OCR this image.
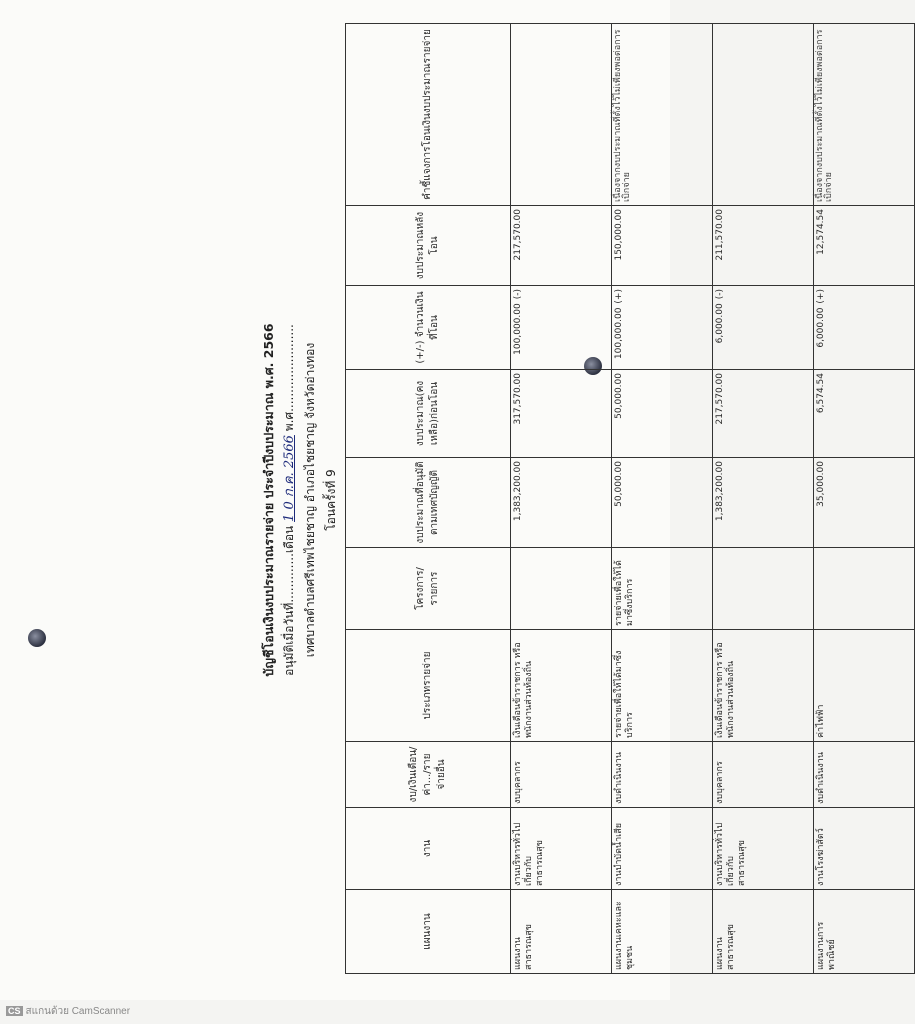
บัญชีโอนเงินงบประมาณรายจ่าย ประจำปีงบประมาณ พ.ศ. 2566 อนุมัติเมื่อวันที่.............เดือน 1 0 ก.ค. 2566 พ.ศ....................... เทศบาลตำบลศรีเทพไชยชาญ อำเภอไชยชาญ จังหวัดอ่างทอง โอนครั้งที่ 9
แผนงาน	งาน	งบ/เงินเดือน/ค่า.../รายจ่ายอื่น	ประเภทรายจ่าย	โครงการ/รายการ	งบประมาณที่อนุมัติตามเทศบัญญัติ	งบประมาณ(คงเหลือ)ก่อนโอน	(+/-) จำนวนเงินที่โอน	งบประมาณหลังโอน	คำชี้แจงการโอนเงินงบประมาณรายจ่าย
แผนงานสาธารณสุข	งานบริหารทั่วไปเกี่ยวกับสาธารณสุข	งบบุคลากร	เงินเดือนข้าราชการ หรือพนักงานส่วนท้องถิ่น		1,383,200.00	317,570.00	100,000.00(-)	217,570.00	
แผนงานเคหะและชุมชน	งานบำบัดน้ำเสีย	งบดำเนินงาน	รายจ่ายเพื่อให้ได้มาซึ่งบริการ	รายจ่ายเพื่อให้ได้มาซึ่งบริการ	50,000.00	50,000.00	100,000.00(+)	150,000.00	เนื่องจากงบประมาณที่ตั้งไว้ไม่เพียงพอต่อการเบิกจ่าย
แผนงานสาธารณสุข	งานบริหารทั่วไปเกี่ยวกับสาธารณสุข	งบบุคลากร	เงินเดือนข้าราชการ หรือพนักงานส่วนท้องถิ่น		1,383,200.00	217,570.00	6,000.00(-)	211,570.00	
แผนงานการพาณิชย์	งานโรงฆ่าสัตว์	งบดำเนินงาน	ค่าไฟฟ้า		35,000.00	6,574.54	6,000.00(+)	12,574.54	เนื่องจากงบประมาณที่ตั้งไว้ไม่เพียงพอต่อการเบิกจ่าย
CS สแกนด้วย CamScanner
